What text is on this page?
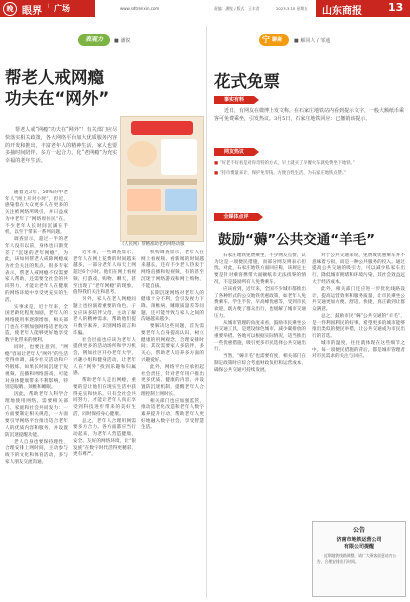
晚 眼界
| 广场	www.sdtrenxin.com	责编：潘锐 / 版式：王丰君	2023.3.10 星期五 山东商报 13
表观力	■ 潘锐
帮老人戒网瘾
功夫在“网外”
帮老人戒“网瘾”功夫在“网外”！有关部门应尽快落实相关政策，各大网络平台加大优质服务内容的开发和推出，丰富老年人的精神生活，家人也要多抽时间陪伴，多方一起合力，化“老网瘾”为充实幸福的老年生活。
《人民网》帮精准助老的网络动服

随着近3年，50%的中老年人“网上开对小时”，但近，感染着在大众更多人在更多的关注被网络所吸引，并日益成为中老年了“网络原住民”在。不少老年人长时间沉溺在手机，以至于带来一系列问题。

调查显示，超过一半的老年人没有以前，身体也日渐变差了“沉迷的老年网瘾”，为此，该如何帮老人戒除网瘾成为社会关注的焦点。很多专家表示，帮老人戒网瘾不仅需要家人帮助，还需要全社会的共同努力，才能让老年人在健康的网络环境中享受更充实的生活。

实事求是，近十年来，全国老龄化程度加剧，老年人的网络使用率逐渐增加，相关部门也在不断加强网络适老化改造，使老年人能够更好地享受数字化带来的便利。

同时，也要注意到，“网瘾”容易让老年人“网外”的生活变得单调，减少社交活动和户外锻炼。如果长时间沉迷于短视频、直播和网络游戏，可能对身体健康带来不利影响，特别是眼睛、颈椎和睡眠。

因此，帮助老年人科学合理地使用网络，需要相关部门、家庭和社会共同发力：一方面要制定相关规范，一方面要引导网络平台推出适合老年人的优质内容和服务，并设置防沉迷提醒功能。

老人自身也要保持理性，合理安排上网时间，主动参与线下的文化和体育活动，多与家人朋友交流沟通。

近年来，一些调查显示，老年人在网上花费的时间越来越多，一部分老年人每天上网超过6个小时。他们在网上看视频、打游戏、购物、聊天，甚至出现了“老年网瘾”的现象，值得我们关注和思考。

另外，家人在老人网瘾问题上也扮演着重要的角色。子女应该多陪伴父母，主动了解老人的精神需求，帮助他们提升数字素养，识别网络谣言和诈骗。

社会层面也应该为老年人提供更多的活动场所和学习机会，例如社区开办老年大学、兴趣小组和健身活动，让老年人在“网外”找到乐趣和归属感。

帮助老年人走出网瘾，重要的是让他们在现实生活中获得充实和快乐。只有全社会共同努力，才能让老年人真正享受到科技进步带来的美好生活，同时保持身心健康。

总之，老年人合理用网需要多方合力。各方面都应当行动起来，为老年人营造健康、安全、友好的网络环境，让“银发族”在数字时代活得更精彩、更有尊严。

机构调查显示，老年人在网上看视频、看新闻的时间越来越长，还有不少老人热衷于网络直播和短视频，有的甚至沉迷于网络游戏和网上购物，不能自拔。

长期沉迷网络对老年人的健康十分不利，会引发视力下降、颈椎病、睡眠质量差等问题，还可能导致与家人之间的沟通越来越少。

要解决这些问题，首先需要老年人自身提高认识，树立健康的用网观念，合理安排时间；其次需要家人多陪伴、多关心，帮助老人培养多方面的兴趣爱好。

此外，网络平台应承担起社会责任，针对老年用户推出更多优质、健康的内容，并设置防沉迷机制，提醒老年人合理控制上网时长。

相关部门也应加强监管，推动适老化改造和老年人数字素养提升行动，帮助老年人更好地融入数字社会，享受智慧生活。

宁 聊斋 ■ 解同人 / 邹通
花式免票
事实有料
近日，有网友在微博上发文称，在石家庄地铁站内看到提示文字，一般大额纸币乘客可免费乘坐，引发热议。3月5日，石家庄地铁回应：已撤销该提示。
网友热议
■ “好老不好看是对你奇特的方式，早上就买了早餐火车就免费坐下地铁。”
■ “持币惯量来计，保护免零钱，方便百姓生活，为石家庄地铁点赞。”
全媒体点评
鼓励“薅”公共交通“羊毛”

石家庄地铁免费乘坐，不少网友点赞，认为这是一项便民措施，而部分网友则表示担忧。对此，石家庄地铁方面回应称，该规定主要是针对乘客携带大面额纸币无法找零的情况，不是鼓励所有人免费乘车。

应该看到，近年来，全国不少城市都推出了各种形式的公交地铁优惠政策，如老年人免费乘车、学生半价、早高峰优惠等，受到市民欢迎，既方便了群众出行，也缓解了城市交通压力。

从城市管理的角度来看，鼓励市民乘坐公共交通工具，是建设绿色城市、减少碳排放的重要举措。各地可以根据实际情况，适当推出一些优惠措施，吸引更多市民选择公共交通出行。

当然，“薅羊毛”也需要有度，相关部门在制定政策时应综合考虑财政负担和运营成本，确保公共交通可持续发展。

对于公共交通来说，免费或优惠乘车并不意味着亏损，而是一种公共服务的投入。通过提高公共交通的吸引力，可以减少私家车出行，降低城市拥堵和环境污染，其社会效益远大于经济成本。

此外，相关部门还应进一步优化线路设计，提高运营效率和服务质量，让市民乘坐公共交通更加方便、舒适、快捷，真正做到让群众满意。

总之，鼓励市民“薅”公共交通的“羊毛”，是一件利国利民的好事。希望更多的城市能够推出类似的便民举措，让公共交通成为市民出行的首选。

城市的温度，往往就体现在这些细节之中。每一项便民措施的背后，都是城市管理者对市民需求的关注与回应。

公告
济南市地铁运营公司
有限公司提醒
近期地铁线路调整，请广大乘客留意站内公告，合理安排出行时间。
